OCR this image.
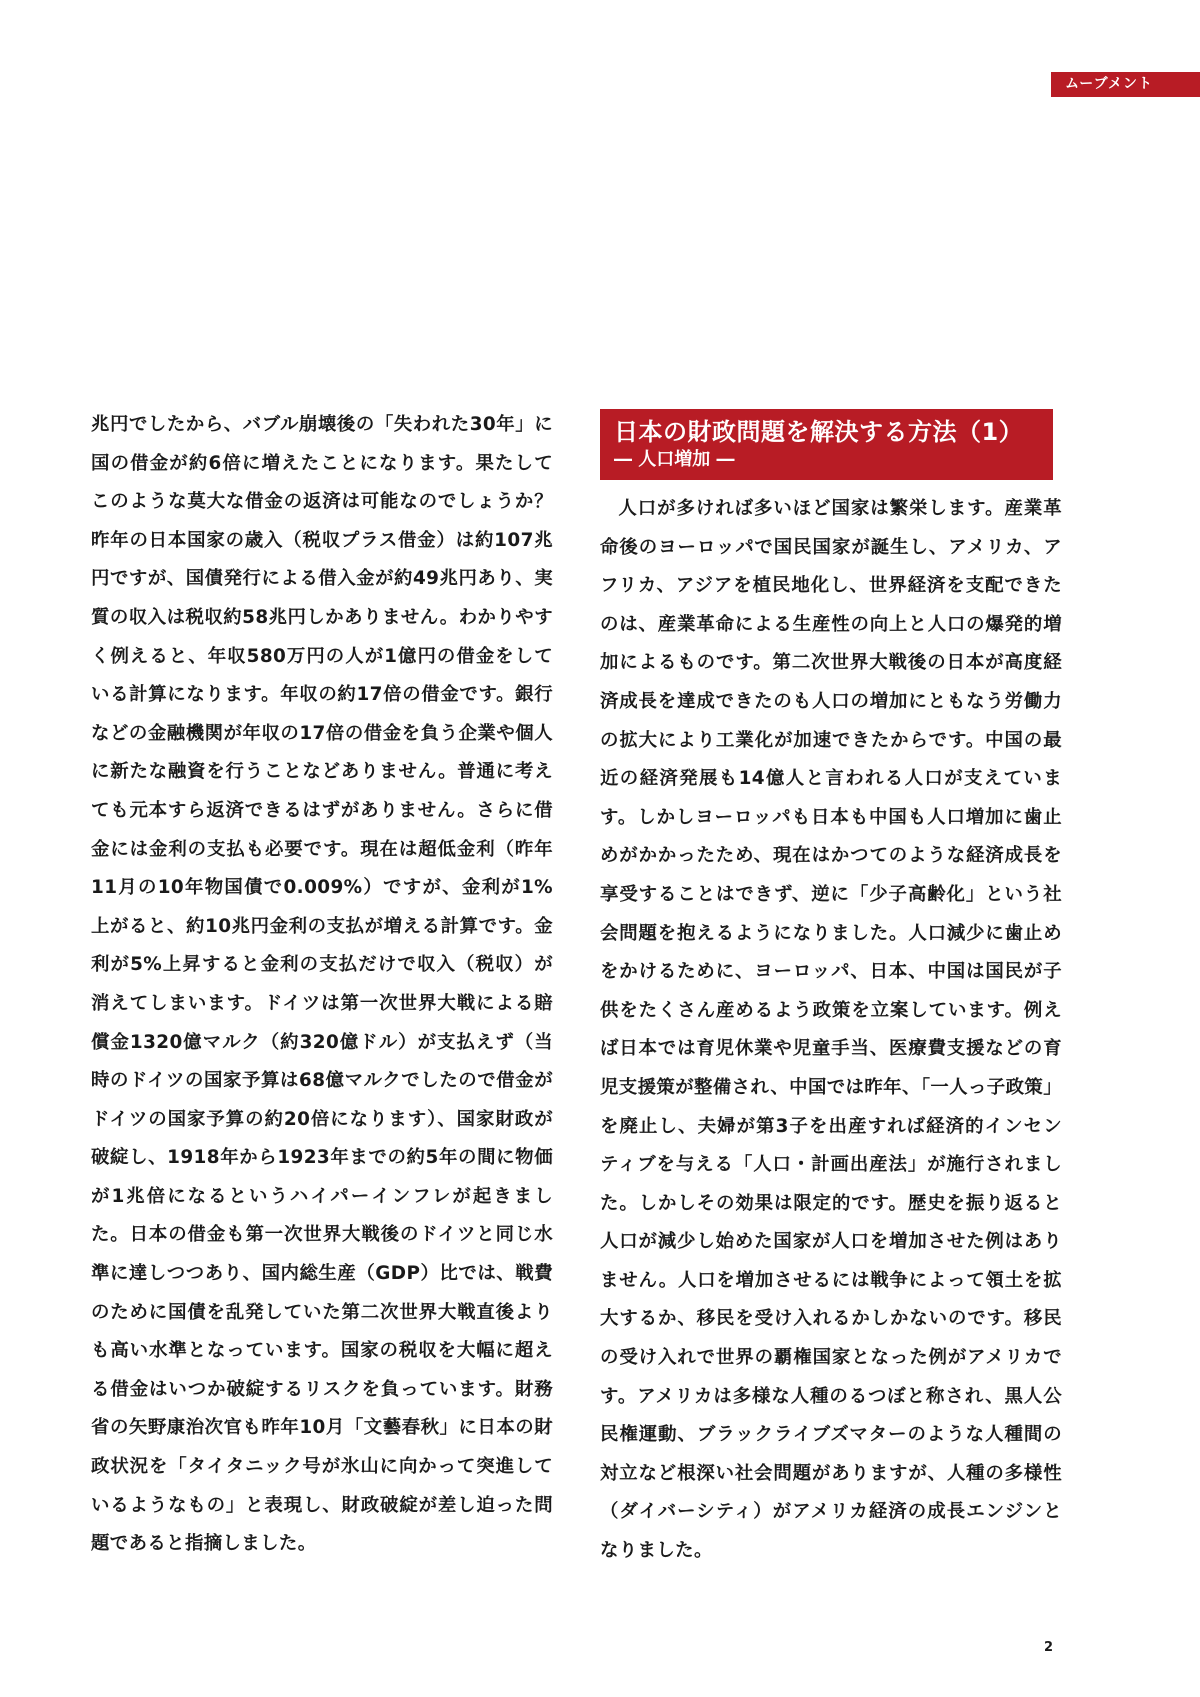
ムーブメント
兆円でしたから、バブル崩壊後の「失われた30年」に国の借金が約6倍に増えたことになります。果たしてこのような莫大な借金の返済は可能なのでしょうか？昨年の日本国家の歳入（税収プラス借金）は約107兆円ですが、国債発行による借入金が約49兆円あり、実質の収入は税収約58兆円しかありません。わかりやすく例えると、年収580万円の人が1億円の借金をしている計算になります。年収の約17倍の借金です。銀行などの金融機関が年収の17倍の借金を負う企業や個人に新たな融資を行うことなどありません。普通に考えても元本すら返済できるはずがありません。さらに借金には金利の支払も必要です。現在は超低金利（昨年11月の10年物国債で0.009%）ですが、金利が1%上がると、約10兆円金利の支払が増える計算です。金利が5%上昇すると金利の支払だけで収入（税収）が消えてしまいます。ドイツは第一次世界大戦による賠償金1320億マルク（約320億ドル）が支払えず（当時のドイツの国家予算は68億マルクでしたので借金がドイツの国家予算の約20倍になります）、国家財政が破綻し、1918年から1923年までの約5年の間に物価が1兆倍になるというハイパーインフレが起きました。日本の借金も第一次世界大戦後のドイツと同じ水準に達しつつあり、国内総生産（GDP）比では、戦費のために国債を乱発していた第二次世界大戦直後よりも高い水準となっています。国家の税収を大幅に超える借金はいつか破綻するリスクを負っています。財務省の矢野康治次官も昨年10月「文藝春秋」に日本の財政状況を「タイタニック号が氷山に向かって突進しているようなもの」と表現し、財政破綻が差し迫った問題であると指摘しました。
日本の財政問題を解決する方法（1）
― 人口増加 ―
人口が多ければ多いほど国家は繁栄します。産業革命後のヨーロッパで国民国家が誕生し、アメリカ、アフリカ、アジアを植民地化し、世界経済を支配できたのは、産業革命による生産性の向上と人口の爆発的増加によるものです。第二次世界大戦後の日本が高度経済成長を達成できたのも人口の増加にともなう労働力の拡大により工業化が加速できたからです。中国の最近の経済発展も14億人と言われる人口が支えています。しかしヨーロッパも日本も中国も人口増加に歯止めがかかったため、現在はかつてのような経済成長を享受することはできず、逆に「少子高齢化」という社会問題を抱えるようになりました。人口減少に歯止めをかけるために、ヨーロッパ、日本、中国は国民が子供をたくさん産めるよう政策を立案しています。例えば日本では育児休業や児童手当、医療費支援などの育児支援策が整備され、中国では昨年、「一人っ子政策」を廃止し、夫婦が第3子を出産すれば経済的インセンティブを与える「人口・計画出産法」が施行されました。しかしその効果は限定的です。歴史を振り返ると人口が減少し始めた国家が人口を増加させた例はありません。人口を増加させるには戦争によって領土を拡大するか、移民を受け入れるかしかないのです。移民の受け入れで世界の覇権国家となった例がアメリカです。アメリカは多様な人種のるつぼと称され、黒人公民権運動、ブラックライブズマターのような人種間の対立など根深い社会問題がありますが、人種の多様性（ダイバーシティ）がアメリカ経済の成長エンジンとなりました。
2
